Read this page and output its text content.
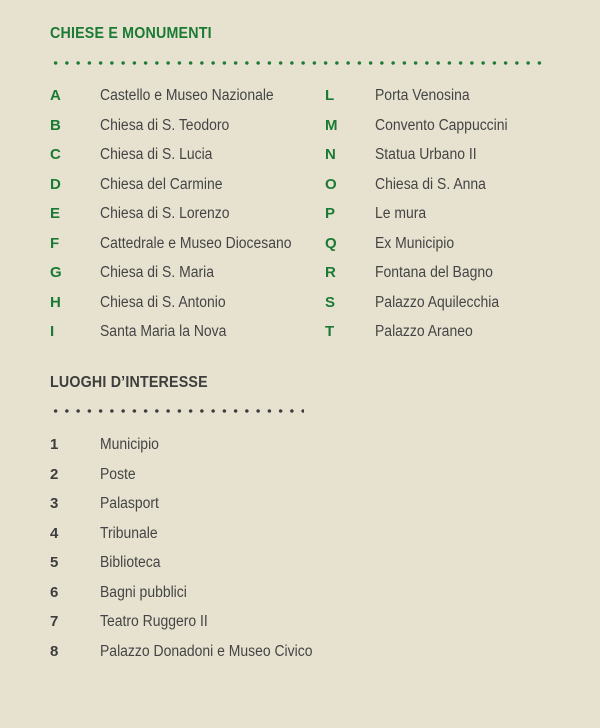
CHIESE E MONUMENTI
A	Castello e Museo Nazionale
B	Chiesa di S. Teodoro
C	Chiesa di S. Lucia
D	Chiesa del Carmine
E	Chiesa di S. Lorenzo
F	Cattedrale e Museo Diocesano
G Chiesa di S. Maria
H	Chiesa di S. Antonio
I	Santa Maria la Nova
L	Porta Venosina
M Convento Cappuccini
N	Statua Urbano II
O Chiesa di S. Anna
P	Le mura
Q Ex Municipio
R	Fontana del Bagno
S	Palazzo Aquilecchia
T	Palazzo Araneo
LUOGHI D’INTERESSE
1	Municipio
2	Poste
3	Palasport
4	Tribunale
5	Biblioteca
6	Bagni pubblici
7	Teatro Ruggero II
8	Palazzo Donadoni e Museo Civico
